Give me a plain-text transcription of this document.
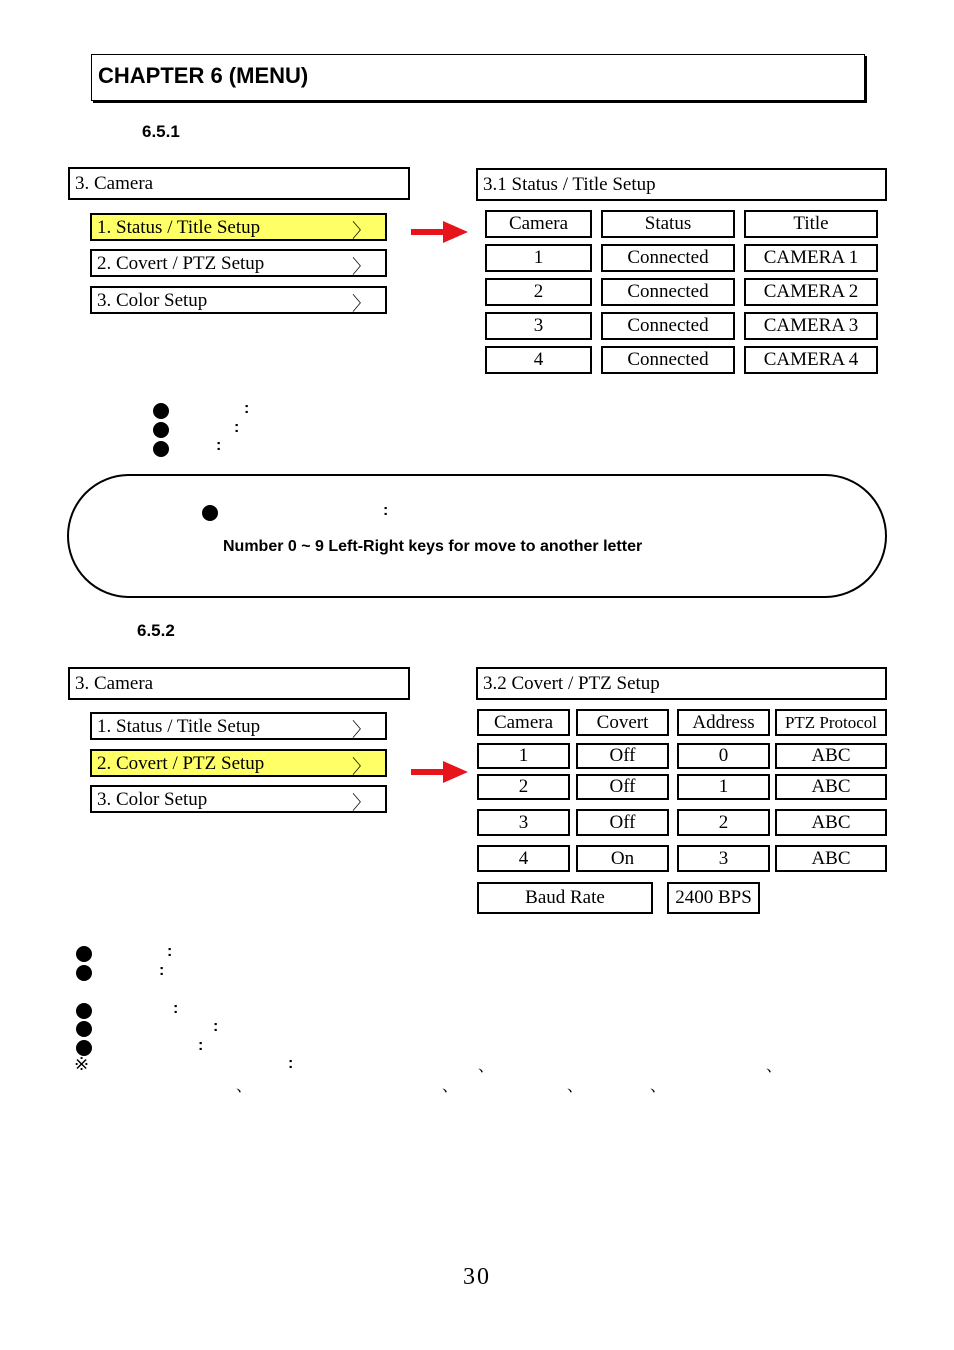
CHAPTER 6 (MENU)
6.5.1
3. Camera
1. Status / Title Setup	〉
2. Covert / PTZ Setup	〉
3. Color Setup	〉
3.1 Status / Title Setup
Camera	Status	Title
1	Connected	CAMERA 1
2	Connected	CAMERA 2
3	Connected	CAMERA 3
4	Connected	CAMERA 4
:
:
:
:
Number 0 ~ 9 Left-Right keys for move to another letter
6.5.2
3. Camera
1. Status / Title Setup	〉
2. Covert / PTZ Setup	〉
3. Color Setup	〉
3.2 Covert / PTZ Setup
Camera	Covert	Address	PTZ Protocol
1	Off	0	ABC
2	Off	1	ABC
3	Off	2	ABC
4	On	3	ABC
Baud Rate	2400 BPS
:
:
:
:
:
※	:	、	、
、	、	、	、
30
